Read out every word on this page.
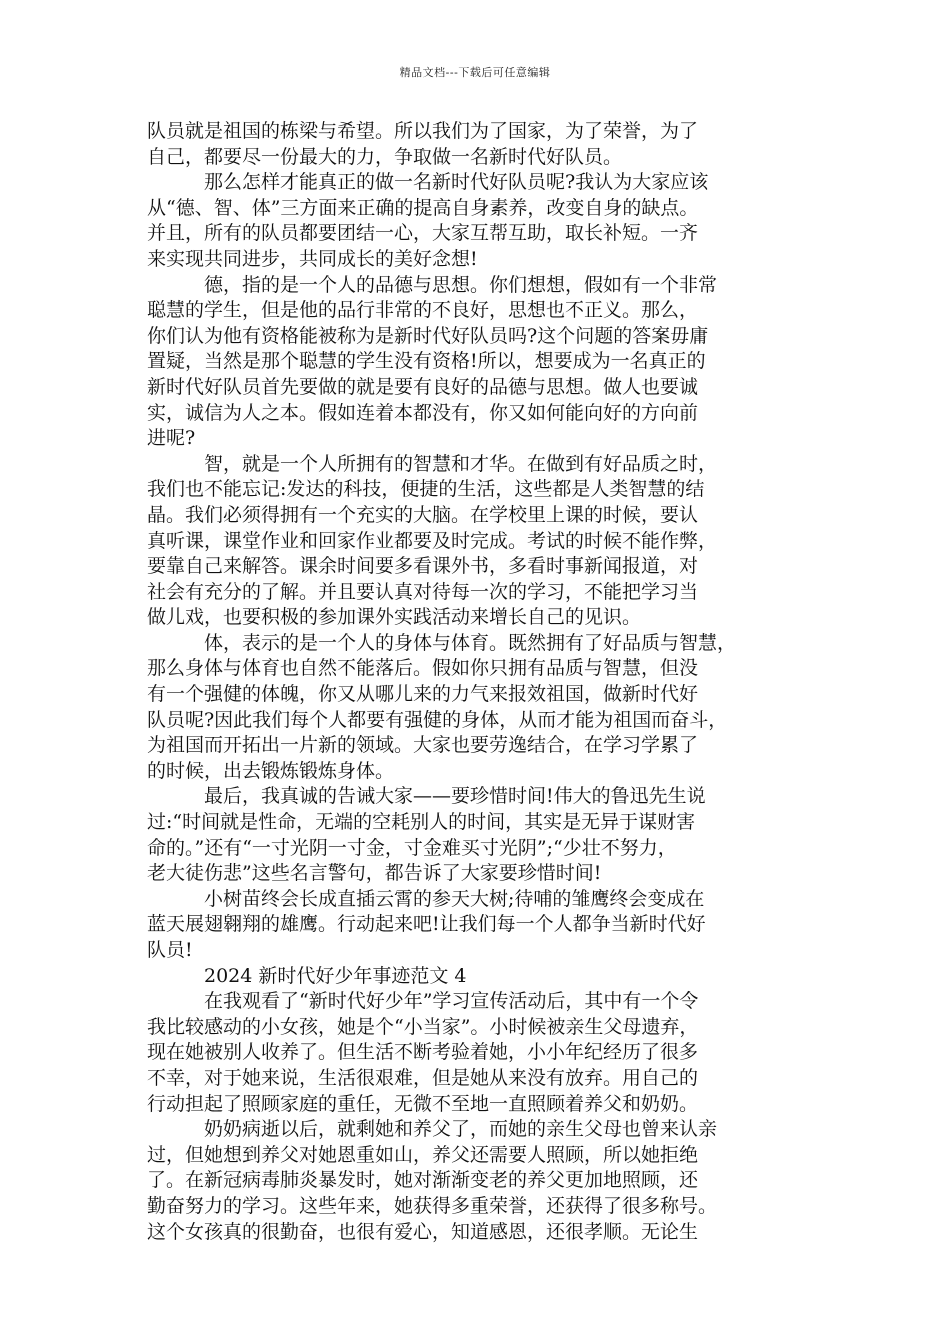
精品文档---下载后可任意编辑
队员就是祖国的栋梁与希望。所以我们为了国家，为了荣誉，为了
自己，都要尽一份最大的力，争取做一名新时代好队员。
那么怎样才能真正的做一名新时代好队员呢?我认为大家应该
从“德、智、体”三方面来正确的提高自身素养，改变自身的缺点。
并且，所有的队员都要团结一心，大家互帮互助，取长补短。一齐
来实现共同进步，共同成长的美好念想!
德，指的是一个人的品德与思想。你们想想，假如有一个非常
聪慧的学生，但是他的品行非常的不良好，思想也不正义。那么，
你们认为他有资格能被称为是新时代好队员吗?这个问题的答案毋庸
置疑，当然是那个聪慧的学生没有资格!所以，想要成为一名真正的
新时代好队员首先要做的就是要有良好的品德与思想。做人也要诚
实，诚信为人之本。假如连着本都没有，你又如何能向好的方向前
进呢?
智，就是一个人所拥有的智慧和才华。在做到有好品质之时，
我们也不能忘记:发达的科技，便捷的生活，这些都是人类智慧的结
晶。我们必须得拥有一个充实的大脑。在学校里上课的时候，要认
真听课，课堂作业和回家作业都要及时完成。考试的时候不能作弊，
要靠自己来解答。课余时间要多看课外书，多看时事新闻报道，对
社会有充分的了解。并且要认真对待每一次的学习，不能把学习当
做儿戏，也要积极的参加课外实践活动来增长自己的见识。
体，表示的是一个人的身体与体育。既然拥有了好品质与智慧，
那么身体与体育也自然不能落后。假如你只拥有品质与智慧，但没
有一个强健的体魄，你又从哪儿来的力气来报效祖国，做新时代好
队员呢?因此我们每个人都要有强健的身体，从而才能为祖国而奋斗，
为祖国而开拓出一片新的领域。大家也要劳逸结合，在学习学累了
的时候，出去锻炼锻炼身体。
最后，我真诚的告诫大家——要珍惜时间!伟大的鲁迅先生说
过:“时间就是性命，无端的空耗别人的时间，其实是无异于谋财害
命的。”还有“一寸光阴一寸金，寸金难买寸光阴”;“少壮不努力，
老大徒伤悲”这些名言警句，都告诉了大家要珍惜时间!
小树苗终会长成直插云霄的参天大树;待哺的雏鹰终会变成在
蓝天展翅翱翔的雄鹰。行动起来吧!让我们每一个人都争当新时代好
队员!
2024 新时代好少年事迹范文 4
在我观看了“新时代好少年”学习宣传活动后，其中有一个令
我比较感动的小女孩，她是个“小当家”。小时候被亲生父母遗弃，
现在她被别人收养了。但生活不断考验着她，小小年纪经历了很多
不幸，对于她来说，生活很艰难，但是她从来没有放弃。用自己的
行动担起了照顾家庭的重任，无微不至地一直照顾着养父和奶奶。
奶奶病逝以后，就剩她和养父了，而她的亲生父母也曾来认亲
过，但她想到养父对她恩重如山，养父还需要人照顾，所以她拒绝
了。在新冠病毒肺炎暴发时，她对渐渐变老的养父更加地照顾，还
勤奋努力的学习。这些年来，她获得多重荣誉，还获得了很多称号。
这个女孩真的很勤奋，也很有爱心，知道感恩，还很孝顺。无论生
